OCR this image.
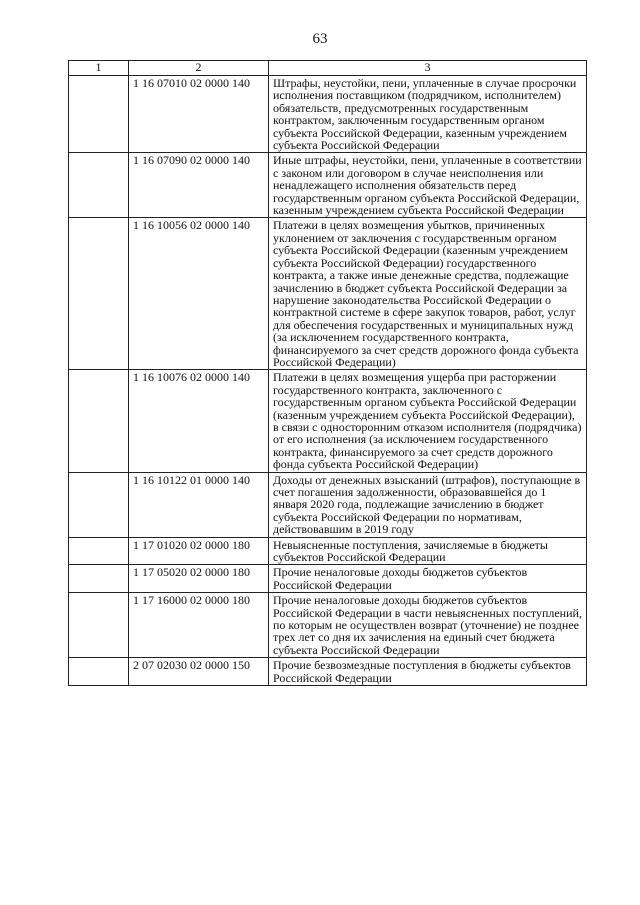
63
1	2	3
	1 16 07010 02 0000 140	Штрафы, неустойки, пени, уплаченные в случае просрочки исполнения поставщиком (подрядчиком, исполнителем) обязательств, предусмотренных государственным контрактом, заключенным государственным органом субъекта Российской Федерации, казенным учреждением субъекта Российской Федерации
	1 16 07090 02 0000 140	Иные штрафы, неустойки, пени, уплаченные в соответствии с законом или договором в случае неисполнения или ненадлежащего исполнения обязательств перед государственным органом субъекта Российской Федерации, казенным учреждением субъекта Российской Федерации
	1 16 10056 02 0000 140	Платежи в целях возмещения убытков, причиненных уклонением от заключения с государственным органом субъекта Российской Федерации (казенным учреждением субъекта Российской Федерации) государственного контракта, а также иные денежные средства, подлежащие зачислению в бюджет субъекта Российской Федерации за нарушение законодательства Российской Федерации о контрактной системе в сфере закупок товаров, работ, услуг для обеспечения государственных и муниципальных нужд (за исключением государственного контракта, финансируемого за счет средств дорожного фонда субъекта Российской Федерации)
	1 16 10076 02 0000 140	Платежи в целях возмещения ущерба при расторжении государственного контракта, заключенного с государственным органом субъекта Российской Федерации (казенным учреждением субъекта Российской Федерации), в связи с односторонним отказом исполнителя (подрядчика) от его исполнения (за исключением государственного контракта, финансируемого за счет средств дорожного фонда субъекта Российской Федерации)
	1 16 10122 01 0000 140	Доходы от денежных взысканий (штрафов), поступающие в счет погашения задолженности, образовавшейся до 1 января 2020 года, подлежащие зачислению в бюджет субъекта Российской Федерации по нормативам, действовавшим в 2019 году
	1 17 01020 02 0000 180	Невыясненные поступления, зачисляемые в бюджеты субъектов Российской Федерации
	1 17 05020 02 0000 180	Прочие неналоговые доходы бюджетов субъектов Российской Федерации
	1 17 16000 02 0000 180	Прочие неналоговые доходы бюджетов субъектов Российской Федерации в части невыясненных поступлений, по которым не осуществлен возврат (уточнение) не позднее трех лет со дня их зачисления на единый счет бюджета субъекта Российской Федерации
	2 07 02030 02 0000 150	Прочие безвозмездные поступления в бюджеты субъектов Российской Федерации
